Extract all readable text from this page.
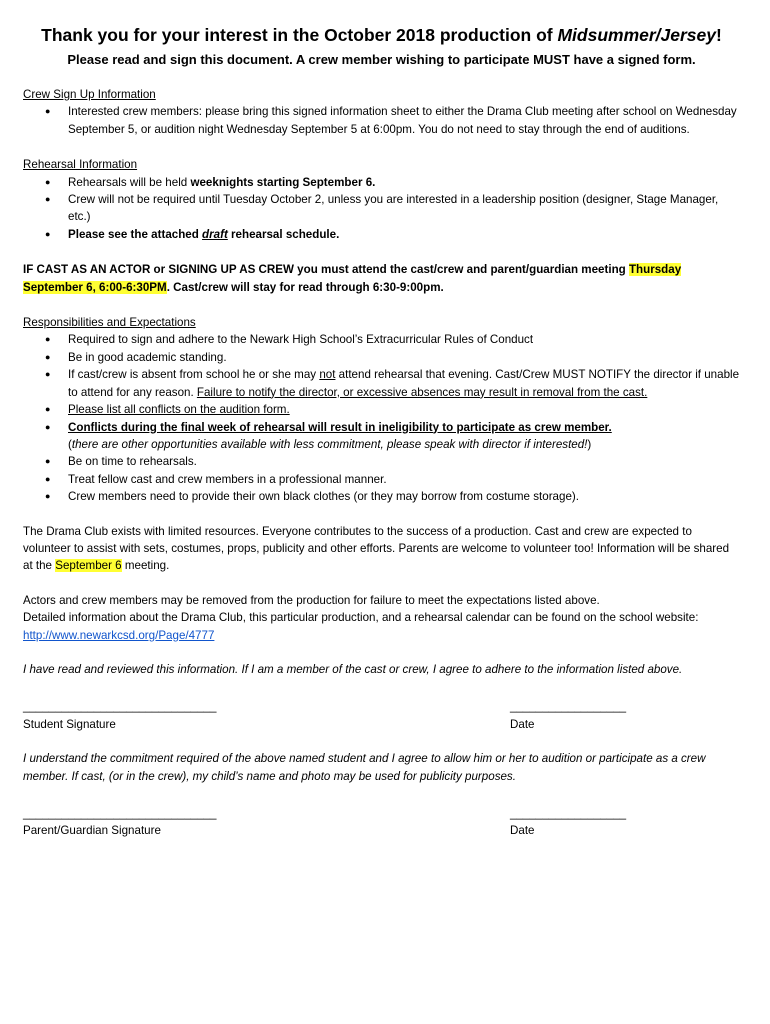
Thank you for your interest in the October 2018 production of Midsummer/Jersey!
Please read and sign this document. A crew member wishing to participate MUST have a signed form.
Crew Sign Up Information
● Interested crew members: please bring this signed information sheet to either the Drama Club meeting after school on Wednesday September 5, or audition night Wednesday September 5 at 6:00pm. You do not need to stay through the end of auditions.
Rehearsal Information
● Rehearsals will be held weeknights starting September 6.
● Crew will not be required until Tuesday October 2, unless you are interested in a leadership position (designer, Stage Manager, etc.)
● Please see the attached draft rehearsal schedule.
IF CAST AS AN ACTOR or SIGNING UP AS CREW you must attend the cast/crew and parent/guardian meeting Thursday September 6, 6:00-6:30PM. Cast/crew will stay for read through 6:30-9:00pm.
Responsibilities and Expectations
● Required to sign and adhere to the Newark High School’s Extracurricular Rules of Conduct
● Be in good academic standing.
● If cast/crew is absent from school he or she may not attend rehearsal that evening. Cast/Crew MUST NOTIFY the director if unable to attend for any reason. Failure to notify the director, or excessive absences may result in removal from the cast.
● Please list all conflicts on the audition form.
● Conflicts during the final week of rehearsal will result in ineligibility to participate as crew member.
(there are other opportunities available with less commitment, please speak with director if interested!)
● Be on time to rehearsals.
● Treat fellow cast and crew members in a professional manner.
● Crew members need to provide their own black clothes (or they may borrow from costume storage).
The Drama Club exists with limited resources. Everyone contributes to the success of a production. Cast and crew are expected to volunteer to assist with sets, costumes, props, publicity and other efforts. Parents are welcome to volunteer too! Information will be shared at the September 6 meeting.
Actors and crew members may be removed from the production for failure to meet the expectations listed above.
Detailed information about the Drama Club, this particular production, and a rehearsal calendar can be found on the school website: http://www.newarkcsd.org/Page/4777
I have read and reviewed this information. If I am a member of the cast or crew, I agree to adhere to the information listed above.
______________________________
Student Signature
__________________
Date
I understand the commitment required of the above named student and I agree to allow him or her to audition or participate as a crew member. If cast, (or in the crew), my child’s name and photo may be used for publicity purposes.
______________________________
Parent/Guardian Signature
__________________
Date
